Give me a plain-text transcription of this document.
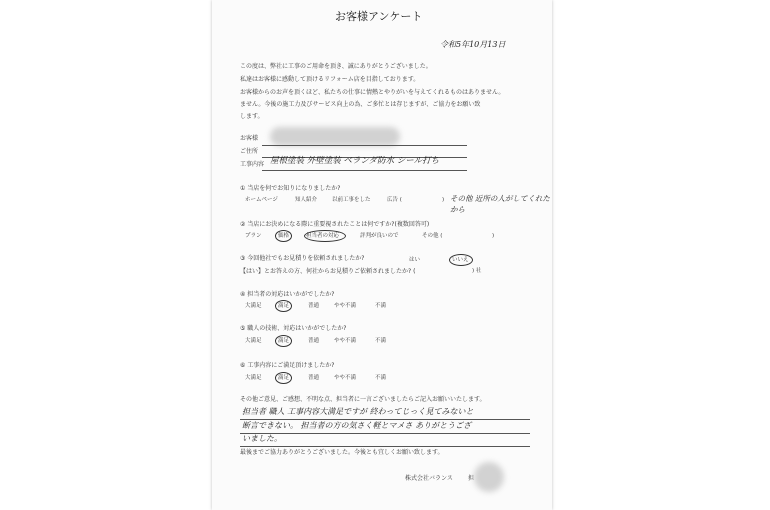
お客様アンケート
令和5年10月13日
この度は、弊社に工事のご用命を頂き、誠にありがとうございました。
私達はお客様に感動して頂けるリフォーム店を目指しております。
お客様からのお声を頂くほど、私たちの仕事に情熱とやりがいを与えてくれるものはありません。
ません。今後の施工力及びサービス向上の為、ご多忙とは存じますが、ご協力をお願い致
します。
お客様
ご住所
工事内容 屋根塗装 外壁塗装 ベランダ防水 シール打ち
① 当店を何でお知りになりましたか?
ホームページ	知人紹介	以前工事をした	広告 (	) その他 近所の人がしてくれたから
② 当店にお決めになる際に重要視されたことは何ですか?(複数回答可)
プラン	価格	担当者の対応	評判が良いので	その他 (	)
③ 今回他社でもお見積りを依頼されましたか?	はい	いいえ
【はい】とお答えの方、何社からお見積りご依頼されましたか? (	) 社
④ 担当者の対応はいかがでしたか?
大満足	満足	普通	やや不満	不満
⑤ 職人の技術、対応はいかがでしたか?
大満足	満足	普通	やや不満	不満
⑥ 工事内容にご満足頂けましたか?
大満足	満足	普通	やや不満	不満
その他ご意見、ご感想、不明な点、担当者に一言ございましたらご記入お願いいたします。
担当者 職人 工事内容大満足ですが 終わってじっく見てみないと
断言できない。 担当者の方の気さく軽とマメさ ありがとうござ
いました。
最後までご協力ありがとうございました。今後とも宜しくお願い致します。
株式会社バランス	担
